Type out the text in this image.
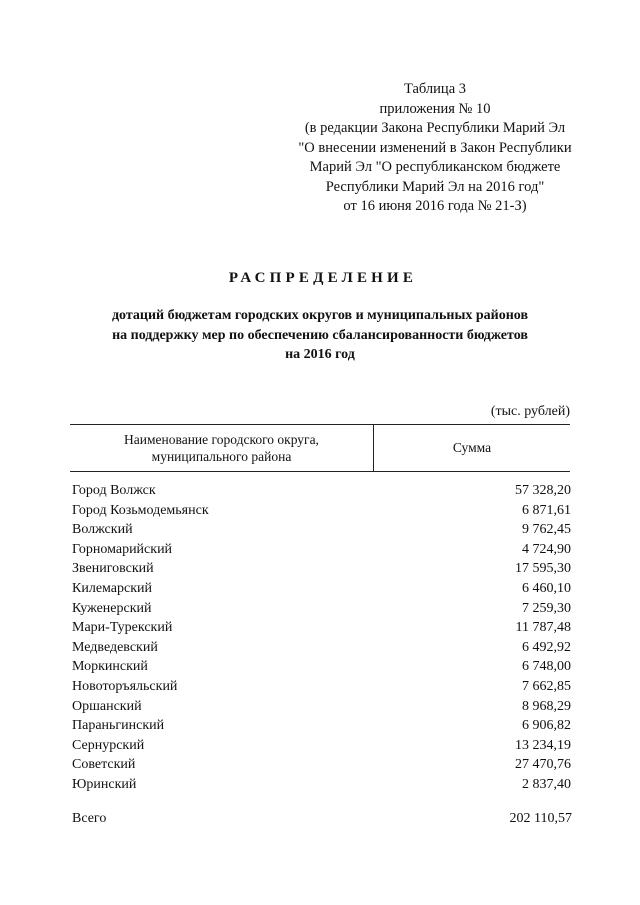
Таблица 3
приложения № 10
(в редакции Закона Республики Марий Эл
"О внесении изменений в Закон Республики
Марий Эл "О республиканском бюджете
Республики Марий Эл на 2016 год"
от 16 июня 2016 года № 21-З)
РАСПРЕДЕЛЕНИЕ
дотаций бюджетам городских округов и муниципальных районов
на поддержку мер по обеспечению сбалансированности бюджетов
на 2016 год
(тыс. рублей)
Наименование городского округа,
муниципального района
Сумма
Город Волжск	57 328,20
Город Козьмодемьянск	6 871,61
Волжский	9 762,45
Горномарийский	4 724,90
Звениговский	17 595,30
Килемарский	6 460,10
Куженерский	7 259,30
Мари-Турекский	11 787,48
Медведевский	6 492,92
Моркинский	6 748,00
Новоторъяльский	7 662,85
Оршанский	8 968,29
Параньгинский	6 906,82
Сернурский	13 234,19
Советский	27 470,76
Юринский	2 837,40
Всего	202 110,57
